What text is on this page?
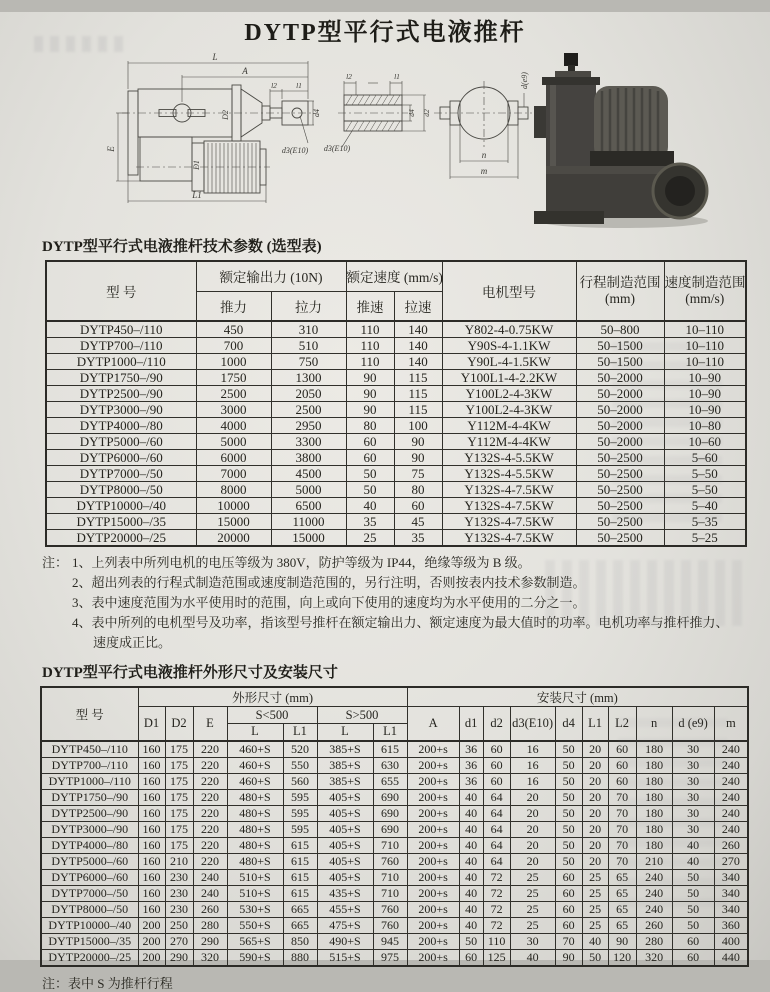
DYTP型平行式电液推杆
L
A
l2	l1
D2	d4
d3(E10)
E
D1
L1
l2	l1
d4 d2
d3(E10)
d(e9)
n
m
DYTP型平行式电液推杆技术参数 (选型表)
型 号	额定输出力 (10N)		额定速度 (mm/s)		电机型号	行程制造范围
(mm)	速度制造范围
(mm/s)

	推力	拉力	推速	拉速			
DYTP450–/110	450	310	110	140	Y802-4-0.75KW	50–800	10–110
DYTP700–/110	700	510	110	140	Y90S-4-1.1KW	50–1500	10–110
DYTP1000–/110	1000	750	110	140	Y90L-4-1.5KW	50–1500	10–110
DYTP1750–/90	1750	1300	90	115	Y100L1-4-2.2KW	50–2000	10–90
DYTP2500–/90	2500	2050	90	115	Y100L2-4-3KW	50–2000	10–90
DYTP3000–/90	3000	2500	90	115	Y100L2-4-3KW	50–2000	10–90
DYTP4000–/80	4000	2950	80	100	Y112M-4-4KW	50–2000	10–80
DYTP5000–/60	5000	3300	60	90	Y112M-4-4KW	50–2000	10–60
DYTP6000–/60	6000	3800	60	90	Y132S-4-5.5KW	50–2500	5–60
DYTP7000–/50	7000	4500	50	75	Y132S-4-5.5KW	50–2500	5–50
DYTP8000–/50	8000	5000	50	80	Y132S-4-7.5KW	50–2500	5–50
DYTP10000–/40	10000	6500	40	60	Y132S-4-7.5KW	50–2500	5–40
DYTP15000–/35	15000	11000	35	45	Y132S-4-7.5KW	50–2500	5–35
DYTP20000–/25	20000	15000	25	35	Y132S-4-7.5KW	50–2500	5–25
注： 1、上列表中所列电机的电压等级为 380V，防护等级为 IP44，绝缘等级为 B 级。
2、超出列表的行程式制造范围或速度制造范围的，另行注明，否则按表内技术参数制造。
3、表中速度范围为水平使用时的范围，向上或向下使用的速度均为水平使用的二分之一。
4、表中所列的电机型号及功率，指该型号推杆在额定输出力、额定速度为最大值时的功率。电机功率与推杆推力、速度成正比。
DYTP型平行式电液推杆外形尺寸及安装尺寸
型 号	外形尺寸 (mm)							安装尺寸 (mm)									
	D1	D2	E	S<500		S>500		A	d1	d2	d3(E10)	d4	L1	L2	n	d (e9)	m
				L	L1	L	L1										
DYTP450–/110	160	175	220	460+S	520	385+S	615	200+s	36	60	16	50	20	60	180	30	240
DYTP700–/110	160	175	220	460+S	550	385+S	630	200+s	36	60	16	50	20	60	180	30	240
DYTP1000–/110	160	175	220	460+S	560	385+S	655	200+s	36	60	16	50	20	60	180	30	240
DYTP1750–/90	160	175	220	480+S	595	405+S	690	200+s	40	64	20	50	20	70	180	30	240
DYTP2500–/90	160	175	220	480+S	595	405+S	690	200+s	40	64	20	50	20	70	180	30	240
DYTP3000–/90	160	175	220	480+S	595	405+S	690	200+s	40	64	20	50	20	70	180	30	240
DYTP4000–/80	160	175	220	480+S	615	405+S	710	200+s	40	64	20	50	20	70	180	40	260
DYTP5000–/60	160	210	220	480+S	615	405+S	760	200+s	40	64	20	50	20	70	210	40	270
DYTP6000–/60	160	230	240	510+S	615	405+S	710	200+s	40	72	25	60	25	65	240	50	340
DYTP7000–/50	160	230	240	510+S	615	435+S	710	200+s	40	72	25	60	25	65	240	50	340
DYTP8000–/50	160	230	260	530+S	665	455+S	760	200+s	40	72	25	60	25	65	240	50	340
DYTP10000–/40	200	250	280	550+S	665	475+S	760	200+s	40	72	25	60	25	65	260	50	360
DYTP15000–/35	200	270	290	565+S	850	490+S	945	200+s	50	110	30	70	40	90	280	60	400
DYTP20000–/25	200	290	320	590+S	880	515+S	975	200+s	60	125	40	90	50	120	320	60	440
注：表中 S 为推杆行程
